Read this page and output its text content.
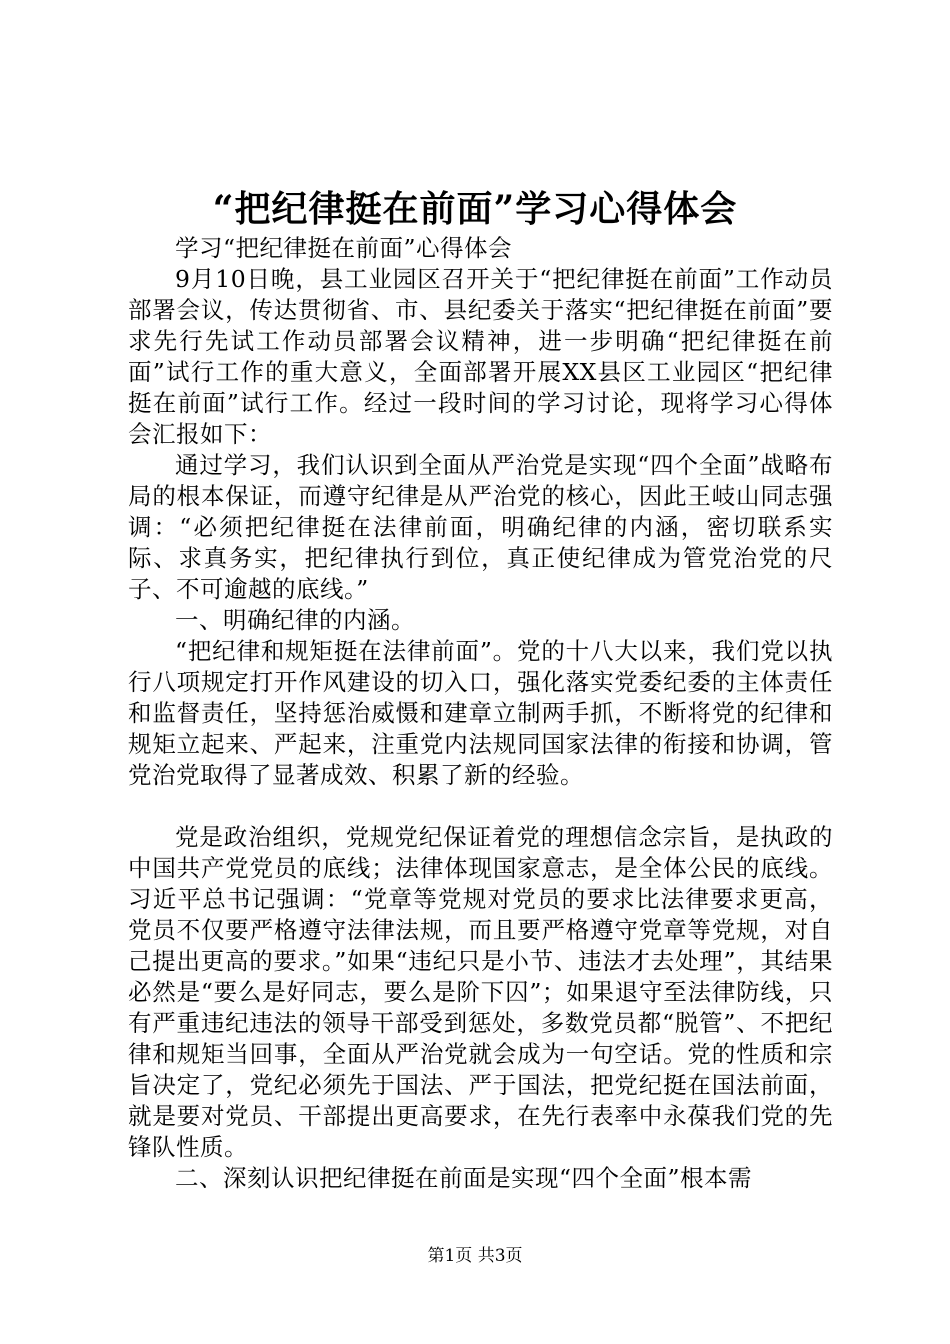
“把纪律挺在前面”学习心得体会

学习“把纪律挺在前面”心得体会

9月10日晚，县工业园区召开关于“把纪律挺在前面”工作动员部署会议，传达贯彻省、市、县纪委关于落实“把纪律挺在前面”要求先行先试工作动员部署会议精神，进一步明确“把纪律挺在前面”试行工作的重大意义，全面部署开展XX县区工业园区“把纪律挺在前面”试行工作。经过一段时间的学习讨论，现将学习心得体会汇报如下：

通过学习，我们认识到全面从严治党是实现“四个全面”战略布局的根本保证，而遵守纪律是从严治党的核心，因此王岐山同志强调：“必须把纪律挺在法律前面，明确纪律的内涵，密切联系实际、求真务实，把纪律执行到位，真正使纪律成为管党治党的尺子、不可逾越的底线。”

一、明确纪律的内涵。

“把纪律和规矩挺在法律前面”。党的十八大以来，我们党以执行八项规定打开作风建设的切入口，强化落实党委纪委的主体责任和监督责任，坚持惩治威慑和建章立制两手抓，不断将党的纪律和规矩立起来、严起来，注重党内法规同国家法律的衔接和协调，管党治党取得了显著成效、积累了新的经验。

党是政治组织，党规党纪保证着党的理想信念宗旨，是执政的中国共产党党员的底线；法律体现国家意志，是全体公民的底线。习近平总书记强调：“党章等党规对党员的要求比法律要求更高，党员不仅要严格遵守法律法规，而且要严格遵守党章等党规，对自己提出更高的要求。”如果“违纪只是小节、违法才去处理”，其结果必然是“要么是好同志，要么是阶下囚”；如果退守至法律防线，只有严重违纪违法的领导干部受到惩处，多数党员都“脱管”、不把纪律和规矩当回事，全面从严治党就会成为一句空话。党的性质和宗旨决定了，党纪必须先于国法、严于国法，把党纪挺在国法前面，就是要对党员、干部提出更高要求，在先行表率中永葆我们党的先锋队性质。

二、深刻认识把纪律挺在前面是实现“四个全面”根本需

第1页 共3页
